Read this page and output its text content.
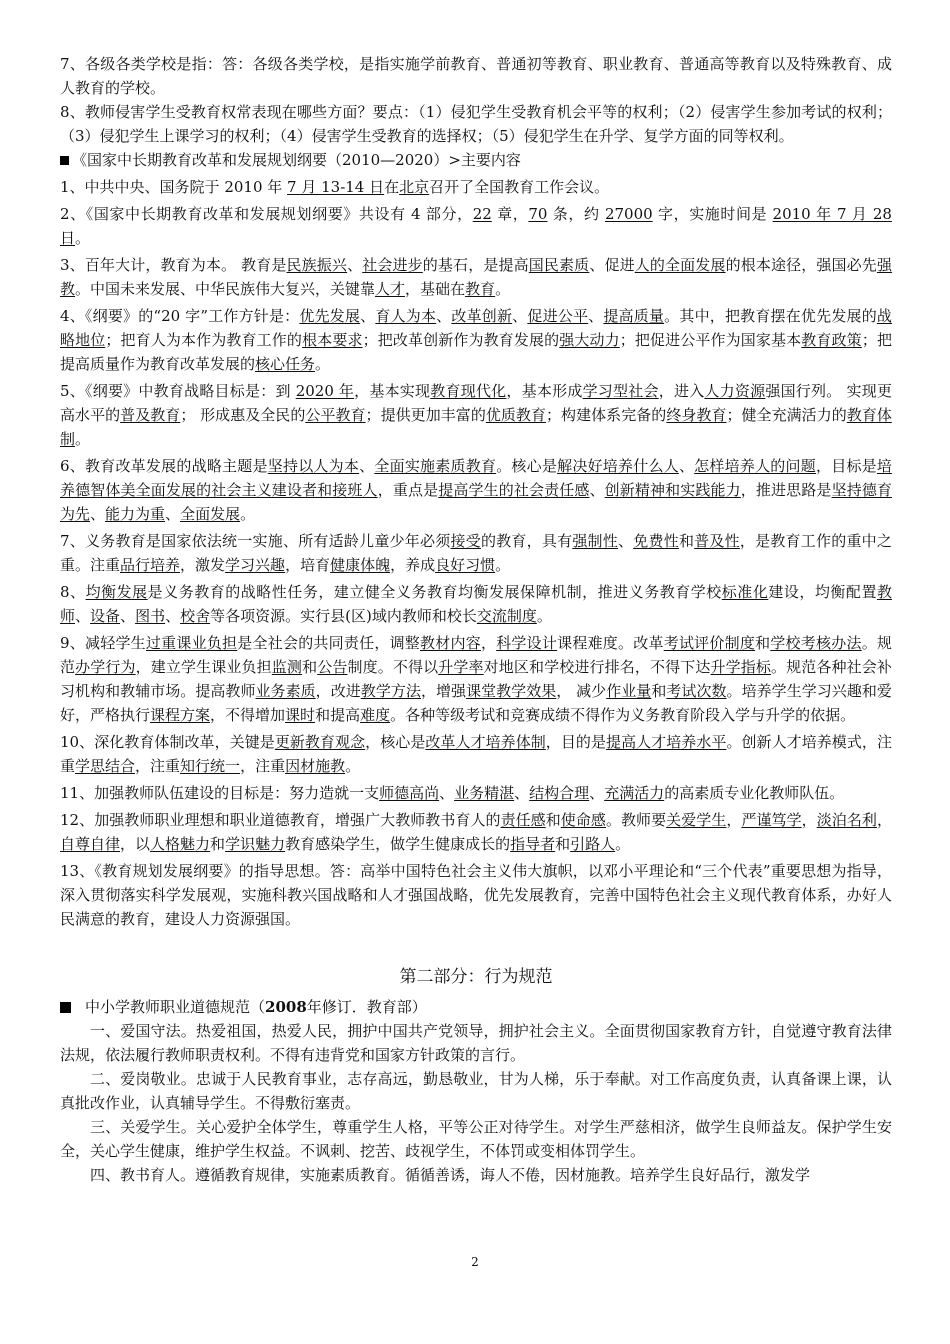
7、各级各类学校是指：答：各级各类学校，是指实施学前教育、普通初等教育、职业教育、普通高等教育以及特殊教育、成人教育的学校。

8、教师侵害学生受教育权常表现在哪些方面？要点：（1）侵犯学生受教育机会平等的权利；（2）侵害学生参加考试的权利；（3）侵犯学生上课学习的权利；（4）侵害学生受教育的选择权；（5）侵犯学生在升学、复学方面的同等权利。

《国家中长期教育改革和发展规划纲要（2010—2020）>主要内容

1、中共中央、国务院于 2010 年 7 月 13-14 日在北京召开了全国教育工作会议。

2、《国家中长期教育改革和发展规划纲要》共设有 4 部分，22 章，70 条，约 27000 字，实施时间是 2010 年 7 月 28 日。

3、百年大计，教育为本。 教育是民族振兴、社会进步的基石，是提高国民素质、促进人的全面发展的根本途径，强国必先强教。中国未来发展、中华民族伟大复兴，关键靠人才，基础在教育。

4、《纲要》的“20 字”工作方针是：优先发展、育人为本、改革创新、促进公平、提高质量。其中，把教育摆在优先发展的战略地位；把育人为本作为教育工作的根本要求；把改革创新作为教育发展的强大动力；把促进公平作为国家基本教育政策；把提高质量作为教育改革发展的核心任务。

5、《纲要》中教育战略目标是：到 2020 年，基本实现教育现代化，基本形成学习型社会，进入人力资源强国行列。 实现更高水平的普及教育； 形成惠及全民的公平教育；提供更加丰富的优质教育；构建体系完备的终身教育；健全充满活力的教育体制。

6、教育改革发展的战略主题是坚持以人为本、全面实施素质教育。核心是解决好培养什么人、怎样培养人的问题，目标是培养德智体美全面发展的社会主义建设者和接班人，重点是提高学生的社会责任感、创新精神和实践能力，推进思路是坚持德育为先、能力为重、全面发展。

7、义务教育是国家依法统一实施、所有适龄儿童少年必须接受的教育，具有强制性、免费性和普及性，是教育工作的重中之重。注重品行培养，激发学习兴趣，培育健康体魄，养成良好习惯。

8、均衡发展是义务教育的战略性任务，建立健全义务教育均衡发展保障机制，推进义务教育学校标准化建设，均衡配置教师、设备、图书、校舍等各项资源。实行县(区)域内教师和校长交流制度。

9、减轻学生过重课业负担是全社会的共同责任，调整教材内容，科学设计课程难度。改革考试评价制度和学校考核办法。规范办学行为，建立学生课业负担监测和公告制度。不得以升学率对地区和学校进行排名，不得下达升学指标。规范各种社会补习机构和教辅市场。提高教师业务素质，改进教学方法，增强课堂教学效果， 减少作业量和考试次数。培养学生学习兴趣和爱好，严格执行课程方案，不得增加课时和提高难度。各种等级考试和竞赛成绩不得作为义务教育阶段入学与升学的依据。

10、深化教育体制改革，关键是更新教育观念，核心是改革人才培养体制，目的是提高人才培养水平。创新人才培养模式，注重学思结合，注重知行统一，注重因材施教。

11、加强教师队伍建设的目标是：努力造就一支师德高尚、业务精湛、结构合理、充满活力的高素质专业化教师队伍。

12、加强教师职业理想和职业道德教育，增强广大教师教书育人的责任感和使命感。教师要关爱学生，严谨笃学，淡泊名利，自尊自律，以人格魅力和学识魅力教育感染学生，做学生健康成长的指导者和引路人。

13、《教育规划发展纲要》的指导思想。答：高举中国特色社会主义伟大旗帜，以邓小平理论和“三个代表”重要思想为指导，深入贯彻落实科学发展观，实施科教兴国战略和人才强国战略，优先发展教育，完善中国特色社会主义现代教育体系，办好人民满意的教育，建设人力资源强国。

第二部分：行为规范

中小学教师职业道德规范（2008年修订．教育部）

一、爱国守法。热爱祖国，热爱人民，拥护中国共产党领导，拥护社会主义。全面贯彻国家教育方针，自觉遵守教育法律法规，依法履行教师职责权利。不得有违背党和国家方针政策的言行。

二、爱岗敬业。忠诚于人民教育事业，志存高远，勤恳敬业，甘为人梯，乐于奉献。对工作高度负责，认真备课上课，认真批改作业，认真辅导学生。不得敷衍塞责。

三、关爱学生。关心爱护全体学生，尊重学生人格，平等公正对待学生。对学生严慈相济，做学生良师益友。保护学生安全，关心学生健康，维护学生权益。不讽刺、挖苦、歧视学生，不体罚或变相体罚学生。

四、教书育人。遵循教育规律，实施素质教育。循循善诱，诲人不倦，因材施教。培养学生良好品行，激发学

2
